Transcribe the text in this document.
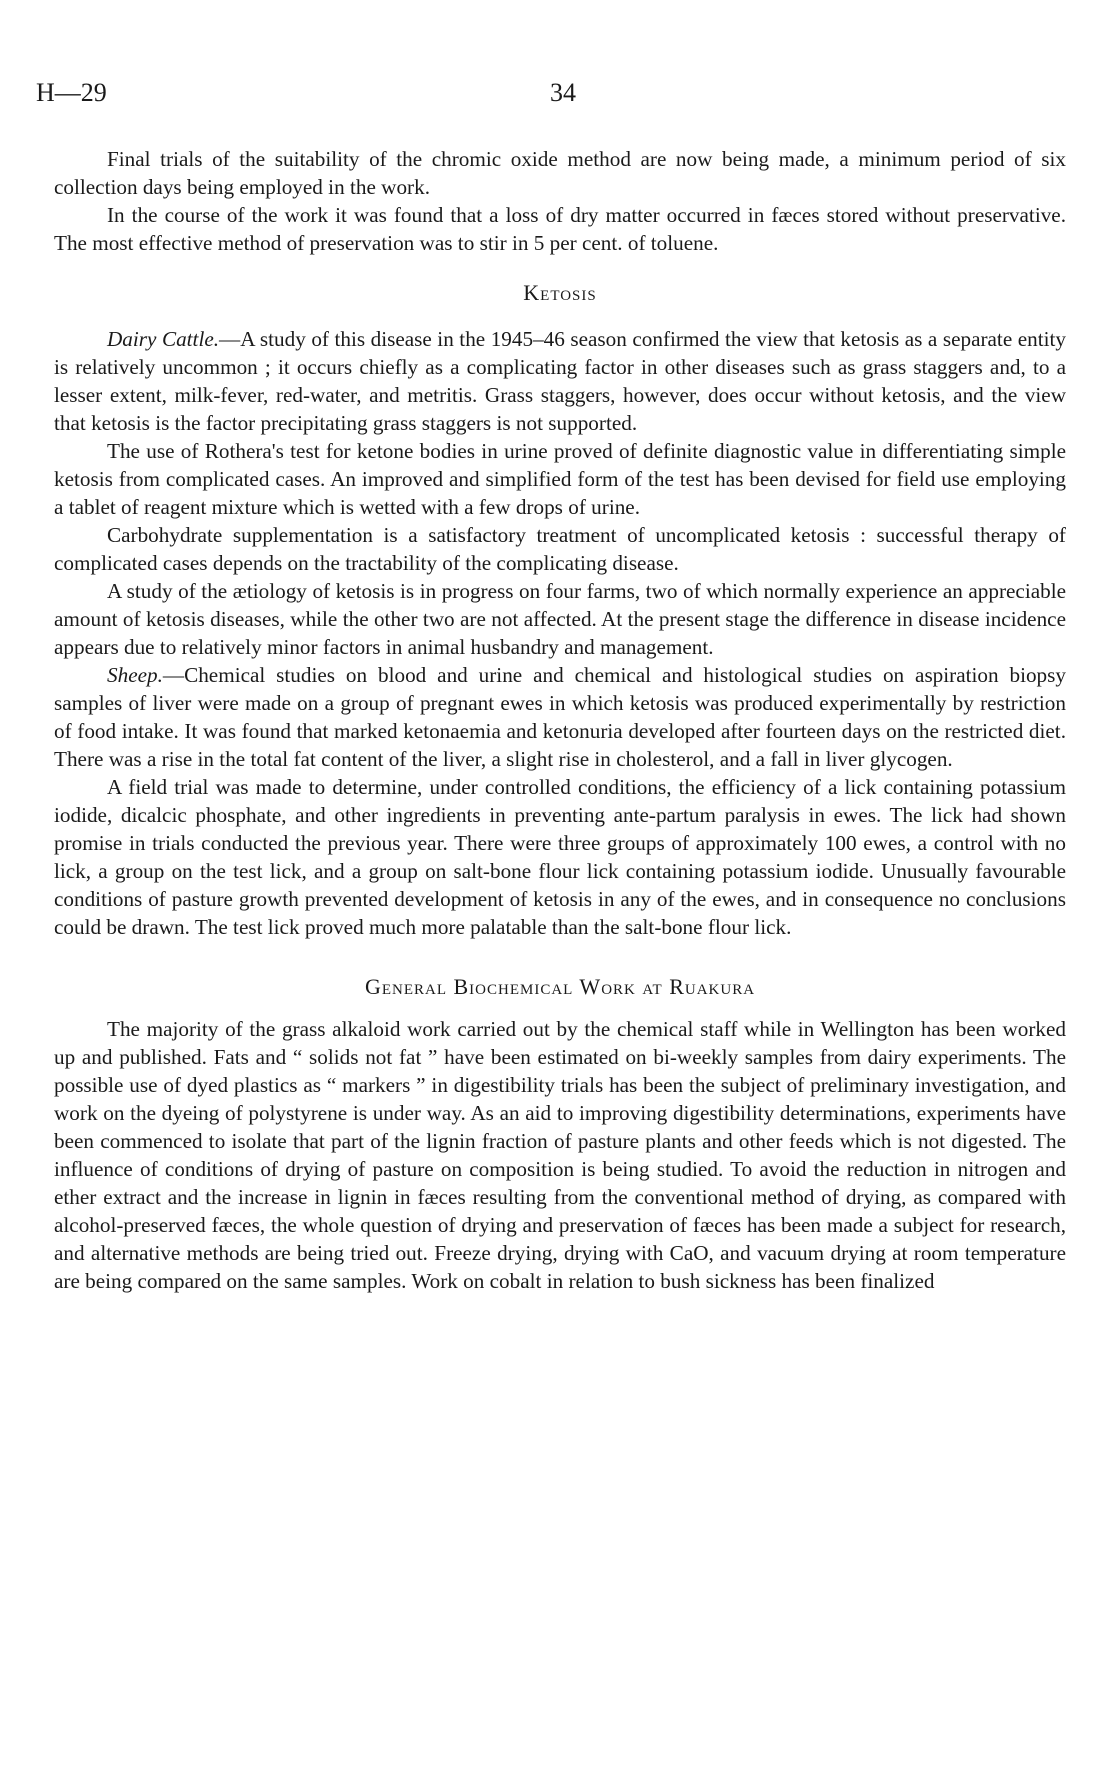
H—29	34

Final trials of the suitability of the chromic oxide method are now being made, a minimum period of six collection days being employed in the work.

In the course of the work it was found that a loss of dry matter occurred in fæces stored without preservative. The most effective method of preservation was to stir in 5 per cent. of toluene.

Ketosis

Dairy Cattle.—A study of this disease in the 1945–46 season confirmed the view that ketosis as a separate entity is relatively uncommon ; it occurs chiefly as a complicating factor in other diseases such as grass staggers and, to a lesser extent, milk-fever, red-water, and metritis. Grass staggers, however, does occur without ketosis, and the view that ketosis is the factor precipitating grass staggers is not supported.

The use of Rothera's test for ketone bodies in urine proved of definite diagnostic value in differentiating simple ketosis from complicated cases. An improved and simplified form of the test has been devised for field use employing a tablet of reagent mixture which is wetted with a few drops of urine.

Carbohydrate supplementation is a satisfactory treatment of uncomplicated ketosis : successful therapy of complicated cases depends on the tractability of the complicating disease.

A study of the ætiology of ketosis is in progress on four farms, two of which normally experience an appreciable amount of ketosis diseases, while the other two are not affected. At the present stage the difference in disease incidence appears due to relatively minor factors in animal husbandry and management.

Sheep.—Chemical studies on blood and urine and chemical and histological studies on aspiration biopsy samples of liver were made on a group of pregnant ewes in which ketosis was produced experimentally by restriction of food intake. It was found that marked ketonaemia and ketonuria developed after fourteen days on the restricted diet. There was a rise in the total fat content of the liver, a slight rise in cholesterol, and a fall in liver glycogen.

A field trial was made to determine, under controlled conditions, the efficiency of a lick containing potassium iodide, dicalcic phosphate, and other ingredients in preventing ante-partum paralysis in ewes. The lick had shown promise in trials conducted the previous year. There were three groups of approximately 100 ewes, a control with no lick, a group on the test lick, and a group on salt-bone flour lick containing potassium iodide. Unusually favourable conditions of pasture growth prevented development of ketosis in any of the ewes, and in consequence no conclusions could be drawn. The test lick proved much more palatable than the salt-bone flour lick.

General Biochemical Work at Ruakura

The majority of the grass alkaloid work carried out by the chemical staff while in Wellington has been worked up and published. Fats and “ solids not fat ” have been estimated on bi-weekly samples from dairy experiments. The possible use of dyed plastics as “ markers ” in digestibility trials has been the subject of preliminary investigation, and work on the dyeing of polystyrene is under way. As an aid to improving digestibility determinations, experiments have been commenced to isolate that part of the lignin fraction of pasture plants and other feeds which is not digested. The influence of conditions of drying of pasture on composition is being studied. To avoid the reduction in nitrogen and ether extract and the increase in lignin in fæces resulting from the conventional method of drying, as compared with alcohol-preserved fæces, the whole question of drying and preservation of fæces has been made a subject for research, and alternative methods are being tried out. Freeze drying, drying with CaO, and vacuum drying at room temperature are being compared on the same samples. Work on cobalt in relation to bush sickness has been finalized
